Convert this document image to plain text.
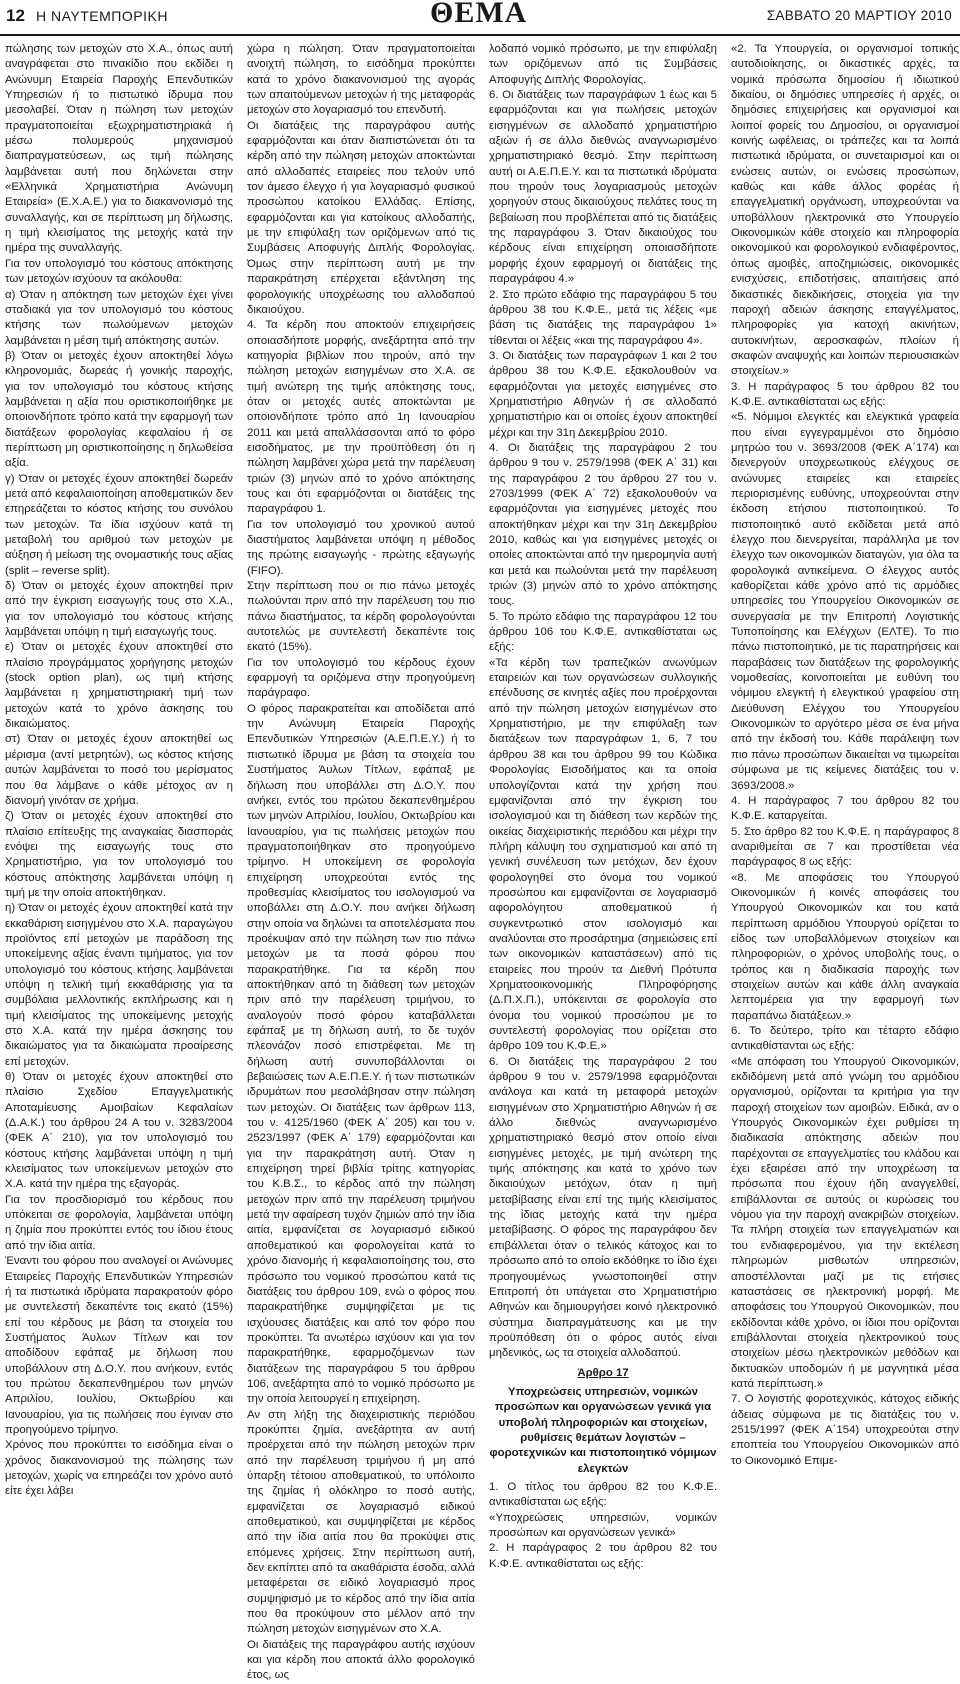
12 Η ΝΑΥΤΕΜΠΟΡΙΚΗ	ΘΕΜΑ	ΣΑΒΒΑΤΟ 20 ΜΑΡΤΙΟΥ 2010

πώλησης των μετοχών στο Χ.Α., όπως αυτή αναγράφεται στο πινακίδιο που εκδίδει η Ανώνυμη Εταιρεία Παροχής Επενδυτικών Υπηρεσιών ή το πιστωτικό ίδρυμα που μεσολαβεί. Όταν η πώληση των μετοχών πραγματοποιείται εξωχρηματιστηριακά ή μέσω πολυμερούς μηχανισμού διαπραγματεύσεων, ως τιμή πώλησης λαμβάνεται αυτή που δηλώνεται στην «Ελληνικά Χρηματιστήρια Ανώνυμη Εταιρεία» (Ε.Χ.Α.Ε.) για το διακανονισμό της συναλλαγής, και σε περίπτωση μη δήλωσης, η τιμή κλεισίματος της μετοχής κατά την ημέρα της συναλλαγής.

Για τον υπολογισμό του κόστους απόκτησης των μετοχών ισχύουν τα ακόλουθα:

α) Όταν η απόκτηση των μετοχών έχει γίνει σταδιακά για τον υπολογισμό του κόστους κτήσης των πωλούμενων μετοχών λαμβάνεται η μέση τιμή απόκτησης αυτών.

β) Όταν οι μετοχές έχουν αποκτηθεί λόγω κληρονομιάς, δωρεάς ή γονικής παροχής, για τον υπολογισμό του κόστους κτήσης λαμβάνεται η αξία που οριστικοποιήθηκε με οποιονδήποτε τρόπο κατά την εφαρμογή των διατάξεων φορολογίας κεφαλαίου ή σε περίπτωση μη οριστικοποίησης η δηλωθείσα αξία.

γ) Όταν οι μετοχές έχουν αποκτηθεί δωρεάν μετά από κεφαλαιοποίηση αποθεματικών δεν επηρεάζεται το κόστος κτήσης του συνόλου των μετοχών. Τα ίδια ισχύουν κατά τη μεταβολή του αριθμού των μετοχών με αύξηση ή μείωση της ονομαστικής τους αξίας (split – reverse split).

δ) Όταν οι μετοχές έχουν αποκτηθεί πριν από την έγκριση εισαγωγής τους στο Χ.Α., για τον υπολογισμό του κόστους κτήσης λαμβάνεται υπόψη η τιμή εισαγωγής τους.

ε) Όταν οι μετοχές έχουν αποκτηθεί στο πλαίσιο προγράμματος χορήγησης μετοχών (stock option plan), ως τιμή κτήσης λαμβάνεται η χρηματιστηριακή τιμή των μετοχών κατά το χρόνο άσκησης του δικαιώματος.

στ) Όταν οι μετοχές έχουν αποκτηθεί ως μέρισμα (αντί μετρητών), ως κόστος κτήσης αυτών λαμβάνεται το ποσό του μερίσματος που θα λάμβανε ο κάθε μέτοχος αν η διανομή γινόταν σε χρήμα.

ζ) Όταν οι μετοχές έχουν αποκτηθεί στο πλαίσιο επίτευξης της αναγκαίας διασποράς ενόψει της εισαγωγής τους στο Χρηματιστήριο, για τον υπολογισμό του κόστους απόκτησης λαμβάνεται υπόψη η τιμή με την οποία αποκτήθηκαν.

η) Όταν οι μετοχές έχουν αποκτηθεί κατά την εκκαθάριση εισηγμένου στο Χ.Α. παραγώγου προϊόντος επί μετοχών με παράδοση της υποκείμενης αξίας έναντι τιμήματος, για τον υπολογισμό του κόστους κτήσης λαμβάνεται υπόψη η τελική τιμή εκκαθάρισης για τα συμβόλαια μελλοντικής εκπλήρωσης και η τιμή κλεισίματος της υποκείμενης μετοχής στο Χ.Α. κατά την ημέρα άσκησης του δικαιώματος για τα δικαιώματα προαίρεσης επί μετοχών.

θ) Όταν οι μετοχές έχουν αποκτηθεί στο πλαίσιο Σχεδίου Επαγγελματικής Αποταμίευσης Αμοιβαίων Κεφαλαίων (Δ.Α.Κ.) του άρθρου 24 Α του ν. 3283/2004 (ΦΕΚ Α΄ 210), για τον υπολογισμό του κόστους κτήσης λαμβάνεται υπόψη η τιμή κλεισίματος των υποκείμενων μετοχών στο Χ.Α. κατά την ημέρα της εξαγοράς.

Για τον προσδιορισμό του κέρδους που υπόκειται σε φορολογία, λαμβάνεται υπόψη η ζημία που προκύπτει εντός του ίδιου έτους από την ίδια αιτία.

Έναντι του φόρου που αναλογεί οι Ανώνυμες Εταιρείες Παροχής Επενδυτικών Υπηρεσιών ή τα πιστωτικά ιδρύματα παρακρατούν φόρο με συντελεστή δεκαπέντε τοις εκατό (15%) επί του κέρδους με βάση τα στοιχεία του Συστήματος Άυλων Τίτλων και τον αποδίδουν εφάπαξ με δήλωση που υποβάλλουν στη Δ.Ο.Υ. που ανήκουν, εντός του πρώτου δεκαπενθημέρου των μηνών Απριλίου, Ιουλίου, Οκτωβρίου και Ιανουαρίου, για τις πωλήσεις που έγιναν στο προηγούμενο τρίμηνο.

Χρόνος που προκύπτει το εισόδημα είναι ο χρόνος διακανονισμού της πώλησης των μετοχών, χωρίς να επηρεάζει τον χρόνο αυτό είτε έχει λάβει

χώρα η πώληση. Όταν πραγματοποιείται ανοιχτή πώληση, το εισόδημα προκύπτει κατά το χρόνο διακανονισμού της αγοράς των απαιτούμενων μετοχών ή της μεταφοράς μετοχών στο λογαριασμό του επενδυτή.

Οι διατάξεις της παραγράφου αυτής εφαρμόζονται και όταν διαπιστώνεται ότι τα κέρδη από την πώληση μετοχών αποκτώνται από αλλοδαπές εταιρείες που τελούν υπό τον άμεσο έλεγχο ή για λογαριασμό φυσικού προσώπου κατοίκου Ελλάδας. Επίσης, εφαρμόζονται και για κατοίκους αλλοδαπής, με την επιφύλαξη των οριζόμενων από τις Συμβάσεις Αποφυγής Διπλής Φορολογίας. Όμως στην περίπτωση αυτή με την παρακράτηση επέρχεται εξάντληση της φορολογικής υποχρέωσης του αλλοδαπού δικαιούχου.

4. Τα κέρδη που αποκτούν επιχειρήσεις οποιασδήποτε μορφής, ανεξάρτητα από την κατηγορία βιβλίων που τηρούν, από την πώληση μετοχών εισηγμένων στο Χ.Α. σε τιμή ανώτερη της τιμής απόκτησης τους, όταν οι μετοχές αυτές αποκτώνται με οποιονδήποτε τρόπο από 1η Ιανουαρίου 2011 και μετά απαλλάσσονται από το φόρο εισοδήματος, με την προϋπόθεση ότι η πώληση λαμβάνει χώρα μετά την παρέλευση τριών (3) μηνών από το χρόνο απόκτησης τους και ότι εφαρμόζονται οι διατάξεις της παραγράφου 1.

Για τον υπολογισμό του χρονικού αυτού διαστήματος λαμβάνεται υπόψη η μέθοδος της πρώτης εισαγωγής - πρώτης εξαγωγής (FIFO).

Στην περίπτωση που οι πιο πάνω μετοχές πωλούνται πριν από την παρέλευση του πιο πάνω διαστήματος, τα κέρδη φορολογούνται αυτοτελώς με συντελεστή δεκαπέντε τοις εκατό (15%).

Για τον υπολογισμό του κέρδους έχουν εφαρμογή τα οριζόμενα στην προηγούμενη παράγραφο.

Ο φόρος παρακρατείται και αποδίδεται από την Ανώνυμη Εταιρεία Παροχής Επενδυτικών Υπηρεσιών (Α.Ε.Π.Ε.Υ.) ή το πιστωτικό ίδρυμα με βάση τα στοιχεία του Συστήματος Άυλων Τίτλων, εφάπαξ με δήλωση που υποβάλλει στη Δ.Ο.Υ. που ανήκει, εντός του πρώτου δεκαπενθημέρου των μηνών Απριλίου, Ιουλίου, Οκτωβρίου και Ιανουαρίου, για τις πωλήσεις μετοχών που πραγματοποιήθηκαν στο προηγούμενο τρίμηνο. Η υποκείμενη σε φορολογία επιχείρηση υποχρεούται εντός της προθεσμίας κλεισίματος του ισολογισμού να υποβάλλει στη Δ.Ο.Υ. που ανήκει δήλωση στην οποία να δηλώνει τα αποτελέσματα που προέκυψαν από την πώληση των πιο πάνω μετοχών με τα ποσά φόρου που παρακρατήθηκε. Για τα κέρδη που αποκτήθηκαν από τη διάθεση των μετοχών πριν από την παρέλευση τριμήνου, το αναλογούν ποσό φόρου καταβάλλεται εφάπαξ με τη δήλωση αυτή, το δε τυχόν πλεονάζον ποσό επιστρέφεται. Με τη δήλωση αυτή συνυποβάλλονται οι βεβαιώσεις των Α.Ε.Π.Ε.Υ. ή των πιστωτικών ιδρυμάτων που μεσολάβησαν στην πώληση των μετοχών. Οι διατάξεις των άρθρων 113, του ν. 4125/1960 (ΦΕΚ Α΄ 205) και του ν. 2523/1997 (ΦΕΚ Α΄ 179) εφαρμόζονται και για την παρακράτηση αυτή. Όταν η επιχείρηση τηρεί βιβλία τρίτης κατηγορίας του Κ.Β.Σ., το κέρδος από την πώληση μετοχών πριν από την παρέλευση τριμήνου μετά την αφαίρεση τυχόν ζημιών από την ίδια αιτία, εμφανίζεται σε λογαριασμό ειδικού αποθεματικού και φορολογείται κατά το χρόνο διανομής ή κεφαλαιοποίησης του, στο πρόσωπο του νομικού προσώπου κατά τις διατάξεις του άρθρου 109, ενώ ο φόρος που παρακρατήθηκε συμψηφίζεται με τις ισχύουσες διατάξεις και από τον φόρο που προκύπτει. Τα ανωτέρω ισχύουν και για τον παρακρατήθηκε, εφαρμοζόμενων των διατάξεων της παραγράφου 5 του άρθρου 106, ανεξάρτητα από το νομικό πρόσωπο με την οποία λειτουργεί η επιχείρηση.

Αν στη λήξη της διαχειριστικής περιόδου προκύπτει ζημία, ανεξάρτητα αν αυτή προέρχεται από την πώληση μετοχών πριν από την παρέλευση τριμήνου ή μη από ύπαρξη τέτοιου αποθεματικού, το υπόλοιπο της ζημίας ή ολόκληρο το ποσό αυτής, εμφανίζεται σε λογαριασμό ειδικού αποθεματικού, και συμψηφίζεται με κέρδος από την ίδια αιτία που θα προκύψει στις επόμενες χρήσεις. Στην περίπτωση αυτή, δεν εκπίπτει από τα ακαθάριστα έσοδα, αλλά μεταφέρεται σε ειδικό λογαριασμό προς συμψηφισμό με το κέρδος από την ίδια αιτία που θα προκύψουν στο μέλλον από την πώληση μετοχών εισηγμένων στο Χ.Α.

Οι διατάξεις της παραγράφου αυτής ισχύουν και για κέρδη που αποκτά άλλο φορολογικό έτος, ως

λοδαπό νομικό πρόσωπο, με την επιφύλαξη των οριζόμενων από τις Συμβάσεις Αποφυγής Διπλής Φορολογίας.

6. Οι διατάξεις των παραγράφων 1 έως και 5 εφαρμόζονται και για πωλήσεις μετοχών εισηγμένων σε αλλοδαπό χρηματιστήριο αξιών ή σε άλλο διεθνώς αναγνωρισμένο χρηματιστηριακό θεσμό. Στην περίπτωση αυτή οι Α.Ε.Π.Ε.Υ. και τα πιστωτικά ιδρύματα που τηρούν τους λογαριασμούς μετοχών χορηγούν στους δικαιούχους πελάτες τους τη βεβαίωση που προβλέπεται από τις διατάξεις της παραγράφου 3. Όταν δικαιούχος του κέρδους είναι επιχείρηση οποιασδήποτε μορφής έχουν εφαρμογή οι διατάξεις της παραγράφου 4.»

2. Στο πρώτο εδάφιο της παραγράφου 5 του άρθρου 38 του Κ.Φ.Ε., μετά τις λέξεις «με βάση τις διατάξεις της παραγράφου 1» τίθενται οι λέξεις «και της παραγράφου 4».

3. Οι διατάξεις των παραγράφων 1 και 2 του άρθρου 38 του Κ.Φ.Ε. εξακολουθούν να εφαρμόζονται για μετοχές εισηγμένες στο Χρηματιστήριο Αθηνών ή σε αλλοδαπό χρηματιστήριο και οι οποίες έχουν αποκτηθεί μέχρι και την 31η Δεκεμβρίου 2010.

4. Οι διατάξεις της παραγράφου 2 του άρθρου 9 του ν. 2579/1998 (ΦΕΚ Α΄ 31) και της παραγράφου 2 του άρθρου 27 του ν. 2703/1999 (ΦΕΚ Α΄ 72) εξακολουθούν να εφαρμόζονται για εισηγμένες μετοχές που αποκτήθηκαν μέχρι και την 31η Δεκεμβρίου 2010, καθώς και για εισηγμένες μετοχές οι οποίες αποκτώνται από την ημερομηνία αυτή και μετά και πωλούνται μετά την παρέλευση τριών (3) μηνών από το χρόνο απόκτησης τους.

5. Το πρώτο εδάφιο της παραγράφου 12 του άρθρου 106 του Κ.Φ.Ε. αντικαθίσταται ως εξής:

«Τα κέρδη των τραπεζικών ανωνύμων εταιρειών και των οργανώσεων συλλογικής επένδυσης σε κινητές αξίες που προέρχονται από την πώληση μετοχών εισηγμένων στο Χρηματιστήριο, με την επιφύλαξη των διατάξεων των παραγράφων 1, 6, 7 του άρθρου 38 και του άρθρου 99 του Κώδικα Φορολογίας Εισοδήματος και τα οποία υπολογίζονται κατά την χρήση που εμφανίζονται από την έγκριση του ισολογισμού και τη διάθεση των κερδών της οικείας διαχειριστικής περιόδου και μέχρι την πλήρη κάλυψη του σχηματισμού και από τη γενική συνέλευση των μετόχων, δεν έχουν φορολογηθεί στο όνομα του νομικού προσώπου και εμφανίζονται σε λογαριασμό αφορολόγητου αποθεματικού ή συγκεντρωτικό στον ισολογισμό και αναλύονται στο προσάρτημα (σημειώσεις επί των οικονομικών καταστάσεων) από τις εταιρείες που τηρούν τα Διεθνή Πρότυπα Χρηματοοικονομικής Πληροφόρησης (Δ.Π.Χ.Π.), υπόκεινται σε φορολογία στο όνομα του νομικού προσώπου με το συντελεστή φορολογίας που ορίζεται στο άρθρο 109 του Κ.Φ.Ε.»

6. Οι διατάξεις της παραγράφου 2 του άρθρου 9 του ν. 2579/1998 εφαρμόζονται ανάλογα και κατά τη μεταφορά μετοχών εισηγμένων στο Χρηματιστήριο Αθηνών ή σε άλλο διεθνώς αναγνωρισμένο χρηματιστηριακό θεσμό στον οποίο είναι εισηγμένες μετοχές, με τιμή ανώτερη της τιμής απόκτησης και κατά το χρόνο των δικαιούχων μετόχων, όταν η τιμή μεταβίβασης είναι επί της τιμής κλεισίματος της ίδιας μετοχής κατά την ημέρα μεταβίβασης. Ο φόρος της παραγράφου δεν επιβάλλεται όταν ο τελικός κάτοχος και το πρόσωπο από το οποίο εκδόθηκε το ίδιο έχει προηγουμένως γνωστοποιηθεί στην Επιτροπή ότι υπάγεται στο Χρηματιστήριο Αθηνών και δημιουργήσει κοινό ηλεκτρονικό σύστημα διαπραγμάτευσης και με την προϋπόθεση ότι ο φόρος αυτός είναι μηδενικός, ως τα στοιχεία αλλοδαπού.

Άρθρο 17

Υποχρεώσεις υπηρεσιών, νομικών προσώπων και οργανώσεων γενικά για υποβολή πληροφοριών και στοιχείων, ρυθμίσεις θεμάτων λογιστών – φοροτεχνικών και πιστοποιητικό νόμιμων ελεγκτών

1. Ο τίτλος του άρθρου 82 του Κ.Φ.Ε. αντικαθίσταται ως εξής:

«Υποχρεώσεις υπηρεσιών, νομικών προσώπων και οργανώσεων γενικά»

2. Η παράγραφος 2 του άρθρου 82 του Κ.Φ.Ε. αντικαθίσταται ως εξής:

«2. Τα Υπουργεία, οι οργανισμοί τοπικής αυτοδιοίκησης, οι δικαστικές αρχές, τα νομικά πρόσωπα δημοσίου ή ιδιωτικού δικαίου, οι δημόσιες υπηρεσίες ή αρχές, οι δημόσιες επιχειρήσεις και οργανισμοί και λοιποί φορείς του Δημοσίου, οι οργανισμοί κοινής ωφέλειας, οι τράπεζες και τα λοιπά πιστωτικά ιδρύματα, οι συνεταιρισμοί και οι ενώσεις αυτών, οι ενώσεις προσώπων, καθώς και κάθε άλλος φορέας ή επαγγελματική οργάνωση, υποχρεούνται να υποβάλλουν ηλεκτρονικά στο Υπουργείο Οικονομικών κάθε στοιχείο και πληροφορία οικονομικού και φορολογικού ενδιαφέροντος, όπως αμοιβές, αποζημιώσεις, οικονομικές ενισχύσεις, επιδοτήσεις, απαιτήσεις από δικαστικές διεκδικήσεις, στοιχεία για την παροχή αδειών άσκησης επαγγέλματος, πληροφορίες για κατοχή ακινήτων, αυτοκινήτων, αεροσκαφών, πλοίων ή σκαφών αναψυχής και λοιπών περιουσιακών στοιχείων.»

3. Η παράγραφος 5 του άρθρου 82 του Κ.Φ.Ε. αντικαθίσταται ως εξής:

«5. Νόμιμοι ελεγκτές και ελεγκτικά γραφεία που είναι εγγεγραμμένοι στο δημόσιο μητρώο του ν. 3693/2008 (ΦΕΚ Α΄174) και διενεργούν υποχρεωτικούς ελέγχους σε ανώνυμες εταιρείες και εταιρείες περιορισμένης ευθύνης, υποχρεούνται στην έκδοση ετήσιου πιστοποιητικού. Το πιστοποιητικό αυτό εκδίδεται μετά από έλεγχο που διενεργείται, παράλληλα με τον έλεγχο των οικονομικών διαταγών, για όλα τα φορολογικά αντικείμενα. Ο έλεγχος αυτός καθορίζεται κάθε χρόνο από τις αρμόδιες υπηρεσίες του Υπουργείου Οικονομικών σε συνεργασία με την Επιτροπή Λογιστικής Τυποποίησης και Ελέγχων (ΕΛΤΕ). Το πιο πάνω πιστοποιητικό, με τις παρατηρήσεις και παραβάσεις των διατάξεων της φορολογικής νομοθεσίας, κοινοποιείται με ευθύνη του νόμιμου ελεγκτή ή ελεγκτικού γραφείου στη Διεύθυνση Ελέγχου του Υπουργείου Οικονομικών το αργότερο μέσα σε ένα μήνα από την έκδοσή του. Κάθε παράλειψη των πιο πάνω προσώπων δικαιείται να τιμωρείται σύμφωνα με τις κείμενες διατάξεις του ν. 3693/2008.»

4. Η παράγραφος 7 του άρθρου 82 του Κ.Φ.Ε. καταργείται.

5. Στο άρθρο 82 του Κ.Φ.Ε. η παράγραφος 8 αναριθμείται σε 7 και προστίθεται νέα παράγραφος 8 ως εξής:

«8. Με αποφάσεις του Υπουργού Οικονομικών ή κοινές αποφάσεις του Υπουργού Οικονομικών και του κατά περίπτωση αρμόδιου Υπουργού ορίζεται το είδος των υποβαλλόμενων στοιχείων και πληροφοριών, ο χρόνος υποβολής τους, ο τρόπος και η διαδικασία παροχής των στοιχείων αυτών και κάθε άλλη αναγκαία λεπτομέρεια για την εφαρμογή των παραπάνω διατάξεων.»

6. Το δεύτερο, τρίτο και τέταρτο εδάφιο αντικαθίστανται ως εξής:

«Με απόφαση του Υπουργού Οικονομικών, εκδιδόμενη μετά από γνώμη του αρμόδιου οργανισμού, ορίζονται τα κριτήρια για την παροχή στοιχείων των αμοιβών. Ειδικά, αν ο Υπουργός Οικονομικών έχει ρυθμίσει τη διαδικασία απόκτησης αδειών που παρέχονται σε επαγγελματίες του κλάδου και έχει εξαιρέσει από την υποχρέωση τα πρόσωπα που έχουν ήδη αναγγελθεί, επιβάλλονται σε αυτούς οι κυρώσεις του νόμου για την παροχή ανακριβών στοιχείων. Τα πλήρη στοιχεία των επαγγελματιών και του ενδιαφερομένου, για την εκτέλεση πληρωμών μισθωτών υπηρεσιών, αποστέλλονται μαζί με τις ετήσιες καταστάσεις σε ηλεκτρονική μορφή. Με αποφάσεις του Υπουργού Οικονομικών, που εκδίδονται κάθε χρόνο, οι ίδιοι που ορίζονται επιβάλλονται στοιχεία ηλεκτρονικού τους στοιχείων μέσω ηλεκτρονικών μεθόδων και δικτυακών υποδομών ή με μαγνητικά μέσα κατά περίπτωση.»

7. Ο λογιστής φοροτεχνικός, κάτοχος ειδικής άδειας σύμφωνα με τις διατάξεις του ν. 2515/1997 (ΦΕΚ Α΄154) υποχρεούται στην εποπτεία του Υπουργείου Οικονομικών από το Οικονομικό Επιμε-
